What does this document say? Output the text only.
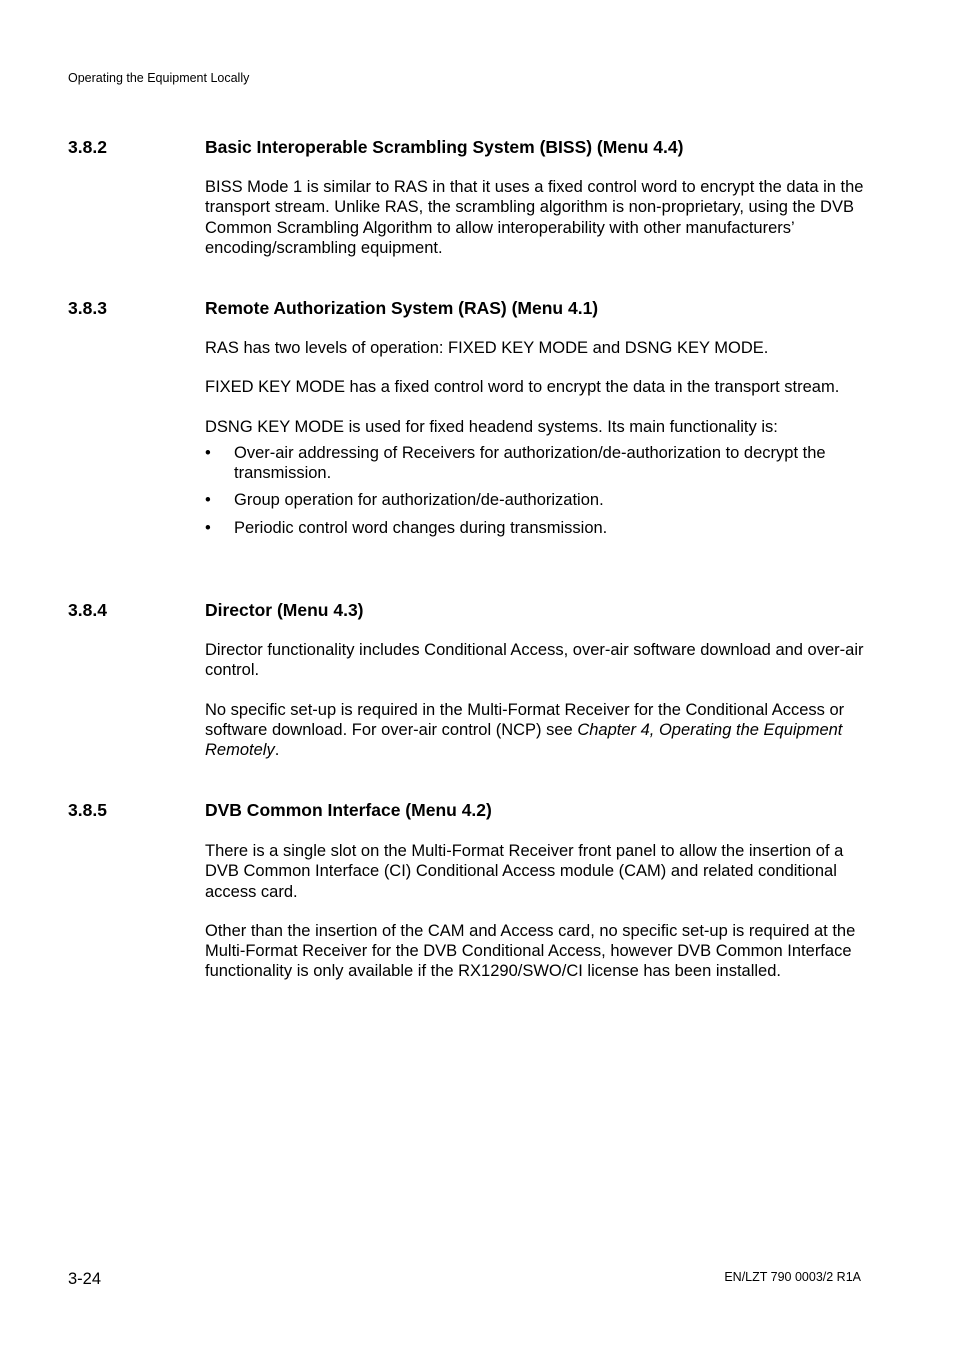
Operating the Equipment Locally
3.8.2	Basic Interoperable Scrambling System (BISS) (Menu 4.4)

BISS Mode 1 is similar to RAS in that it uses a fixed control word to encrypt the data in the transport stream. Unlike RAS, the scrambling algorithm is non-proprietary, using the DVB Common Scrambling Algorithm to allow interoperability with other manufacturers’ encoding/scrambling equipment.

3.8.3	Remote Authorization System (RAS) (Menu 4.1)

RAS has two levels of operation: FIXED KEY MODE and DSNG KEY MODE.

FIXED KEY MODE has a fixed control word to encrypt the data in the transport stream.

DSNG KEY MODE is used for fixed headend systems. Its main functionality is:

• Over-air addressing of Receivers for authorization/de-authorization to decrypt the transmission.
• Group operation for authorization/de-authorization.
• Periodic control word changes during transmission.
3.8.4	Director (Menu 4.3)

Director functionality includes Conditional Access, over-air software download and over-air control.

No specific set-up is required in the Multi-Format Receiver for the Conditional Access or software download. For over-air control (NCP) see Chapter 4, Operating the Equipment Remotely.

3.8.5	DVB Common Interface (Menu 4.2)

There is a single slot on the Multi-Format Receiver front panel to allow the insertion of a DVB Common Interface (CI) Conditional Access module (CAM) and related conditional access card.

Other than the insertion of the CAM and Access card, no specific set-up is required at the Multi-Format Receiver for the DVB Conditional Access, however DVB Common Interface functionality is only available if the RX1290/SWO/CI license has been installed.

3-24	EN/LZT 790 0003/2 R1A
